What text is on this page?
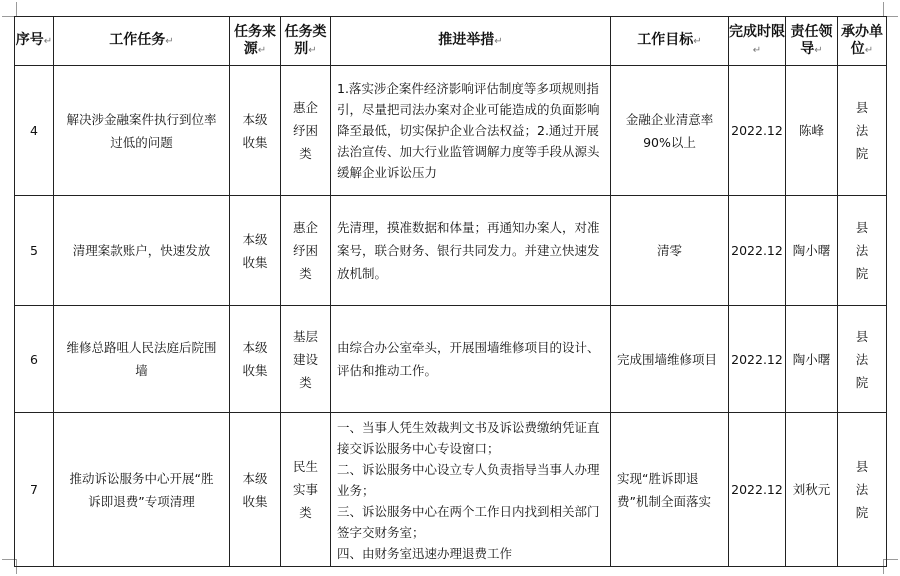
序号↵	工作任务↵	任务来源↵	任务类别↵	推进举措↵	工作目标↵	完成时限↵	责任领导↵	承办单位↵
4	解决涉金融案件执行到位率过低的问题	本级收集	惠企纾困类	1.落实涉企案件经济影响评估制度等多项规则指引，尽量把司法办案对企业可能造成的负面影响降至最低，切实保护企业合法权益；2.通过开展法治宣传、加大行业监管调解力度等手段从源头缓解企业诉讼压力	金融企业清意率90%以上	2022.12	陈峰	县法院
5	清理案款账户，快速发放	本级收集	惠企纾困类	先清理，摸准数据和体量；再通知办案人，对准案号，联合财务、银行共同发力。并建立快速发放机制。	清零	2022.12	陶小曙	县法院
6	维修总路咀人民法庭后院围墙	本级收集	基层建设类	由综合办公室牵头，开展围墙维修项目的设计、评估和推动工作。	完成围墙维修项目	2022.12	陶小曙	县法院
7	推动诉讼服务中心开展“胜诉即退费”专项清理	本级收集	民生实事类	一、当事人凭生效裁判文书及诉讼费缴纳凭证直接交诉讼服务中心专设窗口；
二、诉讼服务中心设立专人负责指导当事人办理业务；
三、诉讼服务中心在两个工作日内找到相关部门签字交财务室；
四、由财务室迅速办理退费工作	实现“胜诉即退费”机制全面落实	2022.12	刘秋元	县法院
